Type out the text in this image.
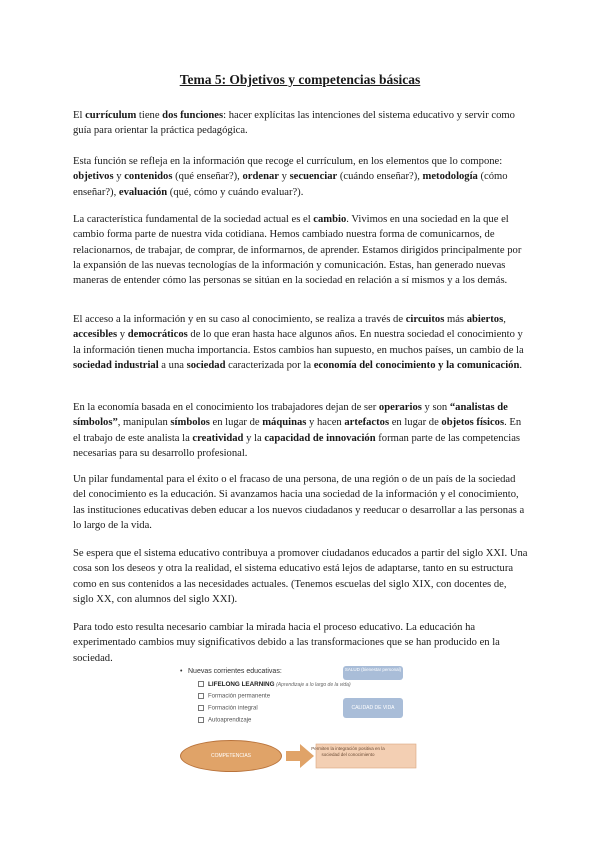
Tema 5: Objetivos y competencias básicas

El currículum tiene dos funciones: hacer explícitas las intenciones del sistema educativo y servir como guía para orientar la práctica pedagógica.

Esta función se refleja en la información que recoge el currículum, en los elementos que lo compone: objetivos y contenidos (qué enseñar?), ordenar y secuenciar (cuándo enseñar?), metodología (cómo enseñar?), evaluación (qué, cómo y cuándo evaluar?).

La característica fundamental de la sociedad actual es el cambio. Vivimos en una sociedad en la que el cambio forma parte de nuestra vida cotidiana. Hemos cambiado nuestra forma de comunicarnos, de relacionarnos, de trabajar, de comprar, de informarnos, de aprender. Estamos dirigidos principalmente por la expansión de las nuevas tecnologías de la información y comunicación. Estas, han generado nuevas maneras de entender cómo las personas se sitúan en la sociedad en relación a sí mismos y a los demás.

El acceso a la información y en su caso al conocimiento, se realiza a través de circuitos más abiertos, accesibles y democráticos de lo que eran hasta hace algunos años. En nuestra sociedad el conocimiento y la información tienen mucha importancia. Estos cambios han supuesto, en muchos países, un cambio de la sociedad industrial a una sociedad caracterizada por la economía del conocimiento y la comunicación.

En la economía basada en el conocimiento los trabajadores dejan de ser operarios y son “analistas de símbolos”, manipulan símbolos en lugar de máquinas y hacen artefactos en lugar de objetos físicos. En el trabajo de este analista la creatividad y la capacidad de innovación forman parte de las competencias necesarias para su desarrollo profesional.

Un pilar fundamental para el éxito o el fracaso de una persona, de una región o de un país de la sociedad del conocimiento es la educación. Si avanzamos hacia una sociedad de la información y el conocimiento, las instituciones educativas deben educar a los nuevos ciudadanos y reeducar o desarrollar a las personas a lo largo de la vida.

Se espera que el sistema educativo contribuya a promover ciudadanos educados a partir del siglo XXI. Una cosa son los deseos y otra la realidad, el sistema educativo está lejos de adaptarse, tanto en su estructura como en sus contenidos a las necesidades actuales. (Tenemos escuelas del siglo XIX, con docentes de, siglo XX, con alumnos del siglo XXI).

Para todo esto resulta necesario cambiar la mirada hacia el proceso educativo. La educación ha experimentado cambios muy significativos debido a las transformaciones que se han producido en la sociedad.

• Nuevas corrientes educativas:
LIFELONG LEARNING (Aprendizaje a lo largo de la vida)
Formación permanente
Formación integral
Autoaprendizaje
SALUD (bienestar personal)
CALIDAD DE VIDA
COMPETENCIAS
Permiten la integración positiva en la sociedad del conocimiento
